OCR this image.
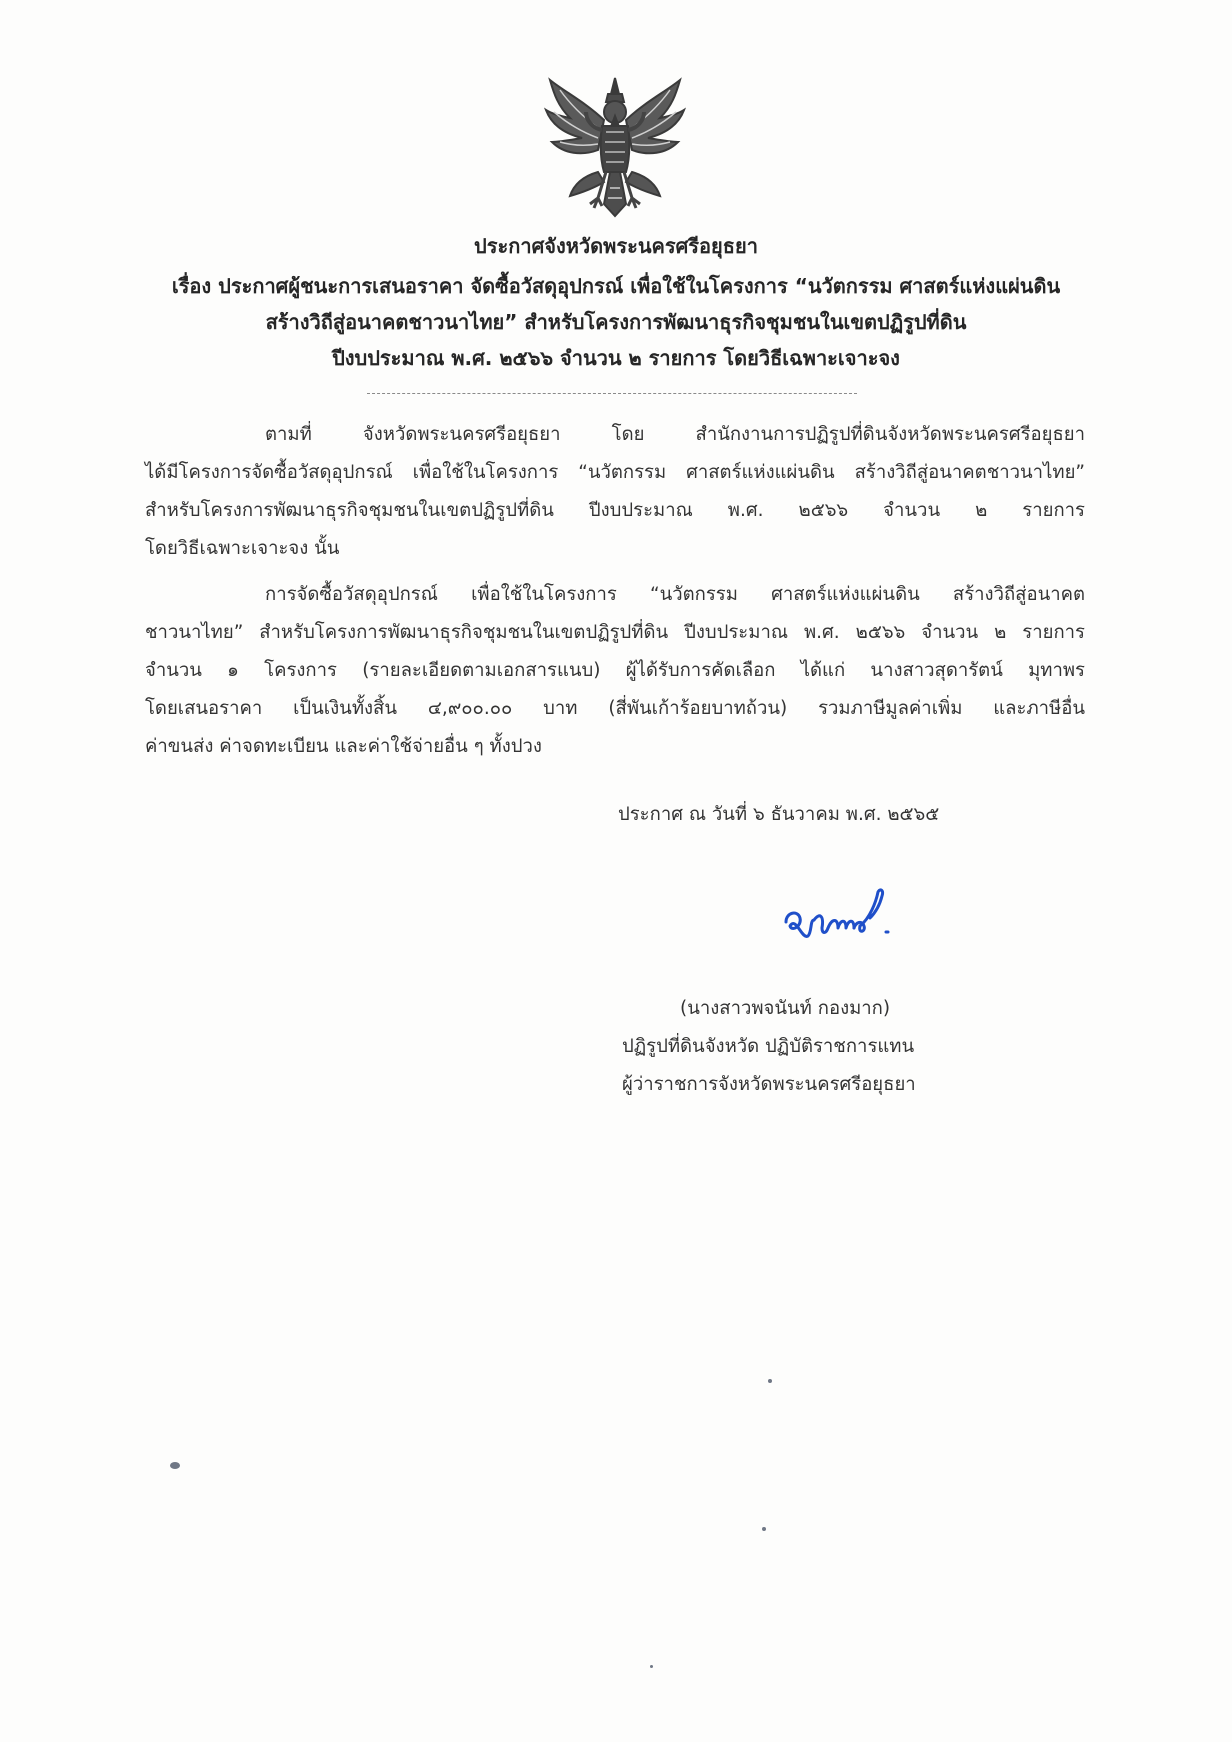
ประกาศจังหวัดพระนครศรีอยุธยา
เรื่อง ประกาศผู้ชนะการเสนอราคา จัดซื้อวัสดุอุปกรณ์ เพื่อใช้ในโครงการ “นวัตกรรม ศาสตร์แห่งแผ่นดิน
สร้างวิถีสู่อนาคตชาวนาไทย” สำหรับโครงการพัฒนาธุรกิจชุมชนในเขตปฏิรูปที่ดิน
ปีงบประมาณ พ.ศ. ๒๕๖๖ จำนวน ๒ รายการ โดยวิธีเฉพาะเจาะจง
ตามที่ จังหวัดพระนครศรีอยุธยา โดย สำนักงานการปฏิรูปที่ดินจังหวัดพระนครศรีอยุธยา
ได้มีโครงการจัดซื้อวัสดุอุปกรณ์ เพื่อใช้ในโครงการ “นวัตกรรม ศาสตร์แห่งแผ่นดิน สร้างวิถีสู่อนาคตชาวนาไทย”
สำหรับโครงการพัฒนาธุรกิจชุมชนในเขตปฏิรูปที่ดิน ปีงบประมาณ พ.ศ. ๒๕๖๖ จำนวน ๒ รายการ
โดยวิธีเฉพาะเจาะจง นั้น
การจัดซื้อวัสดุอุปกรณ์ เพื่อใช้ในโครงการ “นวัตกรรม ศาสตร์แห่งแผ่นดิน สร้างวิถีสู่อนาคต
ชาวนาไทย” สำหรับโครงการพัฒนาธุรกิจชุมชนในเขตปฏิรูปที่ดิน ปีงบประมาณ พ.ศ. ๒๕๖๖ จำนวน ๒ รายการ
จำนวน ๑ โครงการ (รายละเอียดตามเอกสารแนบ) ผู้ได้รับการคัดเลือก ได้แก่ นางสาวสุดารัตน์ มุทาพร
โดยเสนอราคา เป็นเงินทั้งสิ้น ๔,๙๐๐.๐๐ บาท (สี่พันเก้าร้อยบาทถ้วน) รวมภาษีมูลค่าเพิ่ม และภาษีอื่น
ค่าขนส่ง ค่าจดทะเบียน และค่าใช้จ่ายอื่น ๆ ทั้งปวง
ประกาศ ณ วันที่ ๖ ธันวาคม พ.ศ. ๒๕๖๕
(นางสาวพจนันท์ กองมาก)
ปฏิรูปที่ดินจังหวัด ปฏิบัติราชการแทน
ผู้ว่าราชการจังหวัดพระนครศรีอยุธยา
